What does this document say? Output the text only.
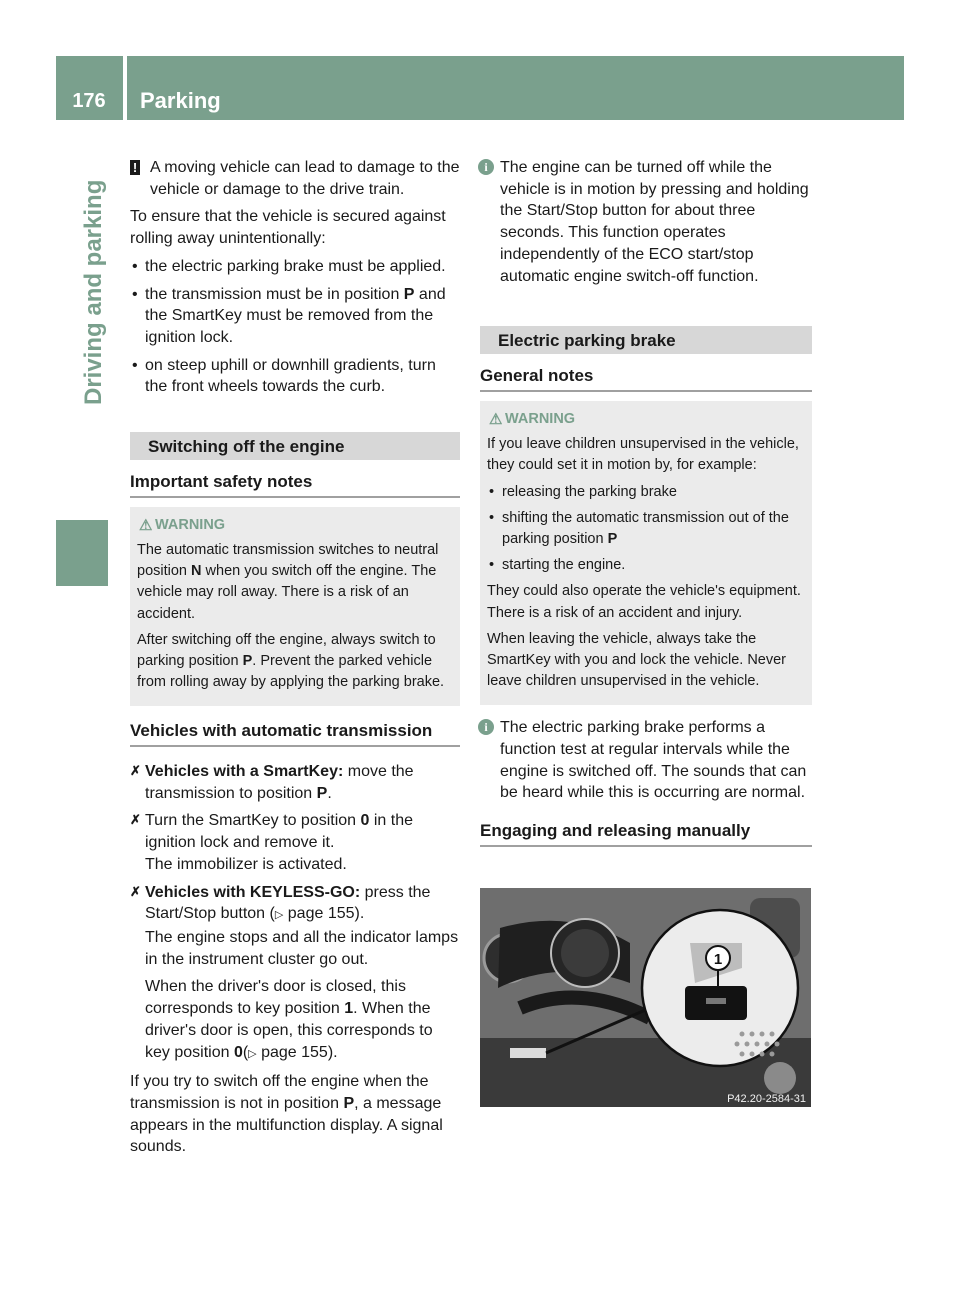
176	Parking
Driving and parking

! A moving vehicle can lead to damage to the vehicle or damage to the drive train.

To ensure that the vehicle is secured against rolling away unintentionally:

• the electric parking brake must be applied.

• the transmission must be in position P and the SmartKey must be removed from the ignition lock.

• on steep uphill or downhill gradients, turn the front wheels towards the curb.

Switching off the engine
Important safety notes
⚠ WARNING

The automatic transmission switches to neutral position N when you switch off the engine. The vehicle may roll away. There is a risk of an accident.

After switching off the engine, always switch to parking position P. Prevent the parked vehicle from rolling away by applying the parking brake.

Vehicles with automatic transmission

✗ Vehicles with a SmartKey: move the transmission to position P.

✗ Turn the SmartKey to position 0 in the ignition lock and remove it.

The immobilizer is activated.

✗ Vehicles with KEYLESS-GO: press the Start/Stop button (▷ page 155).

The engine stops and all the indicator lamps in the instrument cluster go out.

When the driver's door is closed, this corresponds to key position 1. When the driver's door is open, this corresponds to key position 0(▷ page 155).

If you try to switch off the engine when the transmission is not in position P, a message appears in the multifunction display. A signal sounds.

i The engine can be turned off while the vehicle is in motion by pressing and holding the Start/Stop button for about three seconds. This function operates independently of the ECO start/stop automatic engine switch-off function.

Electric parking brake
General notes
⚠ WARNING

If you leave children unsupervised in the vehicle, they could set it in motion by, for example:

• releasing the parking brake

• shifting the automatic transmission out of the parking position P

• starting the engine.

They could also operate the vehicle's equipment. There is a risk of an accident and injury.

When leaving the vehicle, always take the SmartKey with you and lock the vehicle. Never leave children unsupervised in the vehicle.

i The electric parking brake performs a function test at regular intervals while the engine is switched off. The sounds that can be heard while this is occurring are normal.

Engaging and releasing manually
1
P42.20-2584-31
